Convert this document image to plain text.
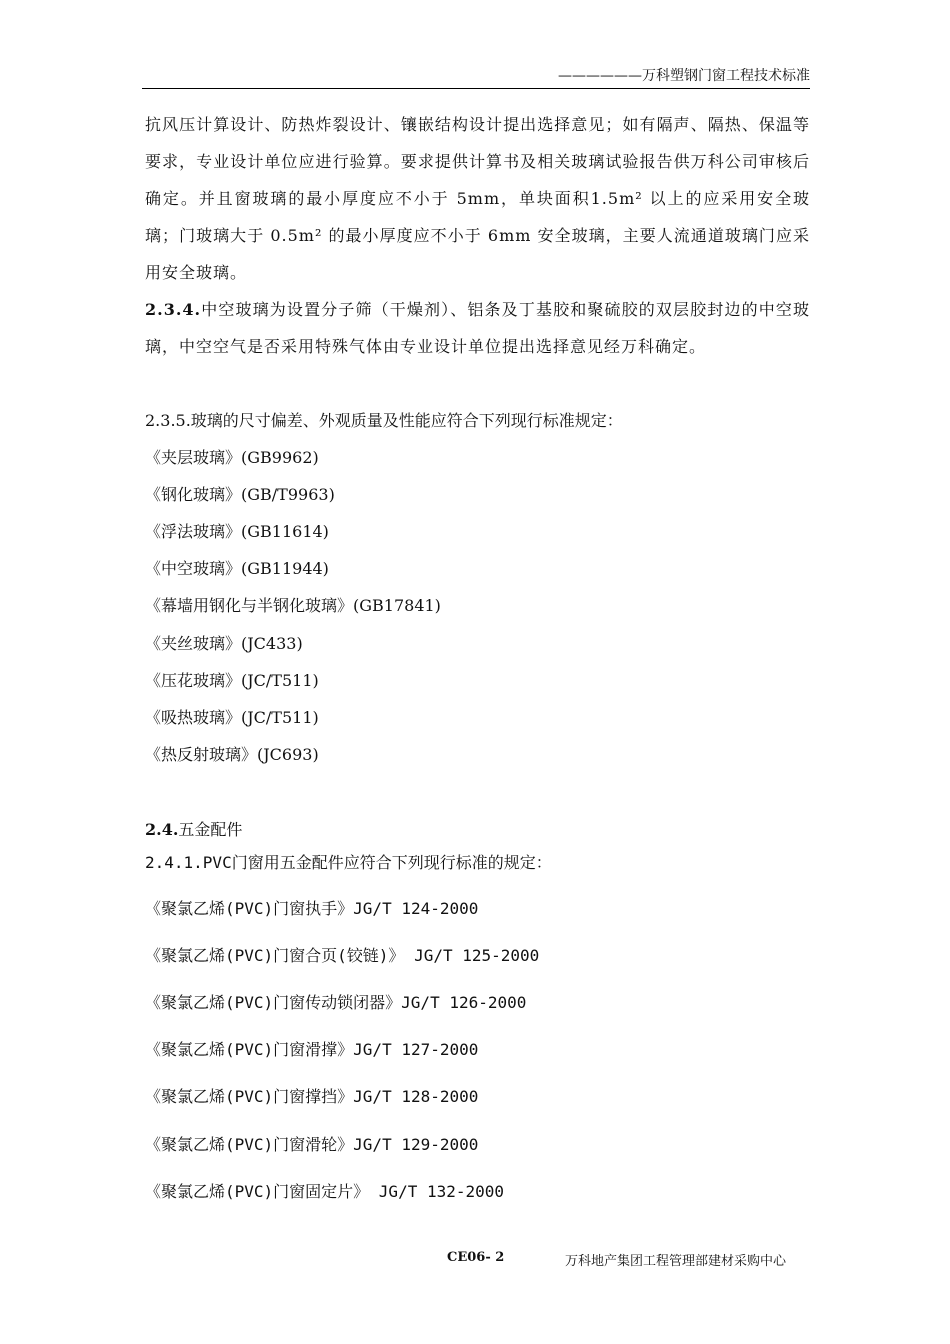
——————万科塑钢门窗工程技术标准

抗风压计算设计、防热炸裂设计、镶嵌结构设计提出选择意见；如有隔声、隔热、保温等要求，专业设计单位应进行验算。要求提供计算书及相关玻璃试验报告供万科公司审核后确定。并且窗玻璃的最小厚度应不小于 5mm，单块面积1.5m² 以上的应采用安全玻璃；门玻璃大于 0.5m² 的最小厚度应不小于 6mm 安全玻璃，主要人流通道玻璃门应采用安全玻璃。

2.3.4.中空玻璃为设置分子筛（干燥剂）、铝条及丁基胶和聚硫胶的双层胶封边的中空玻璃，中空空气是否采用特殊气体由专业设计单位提出选择意见经万科确定。

2.3.5.玻璃的尺寸偏差、外观质量及性能应符合下列现行标准规定：
《夹层玻璃》(GB9962)
《钢化玻璃》(GB/T9963)
《浮法玻璃》(GB11614)
《中空玻璃》(GB11944)
《幕墙用钢化与半钢化玻璃》(GB17841)
《夹丝玻璃》(JC433)
《压花玻璃》(JC/T511)
《吸热玻璃》(JC/T511)
《热反射玻璃》(JC693)
2.4.五金配件
2.4.1.PVC门窗用五金配件应符合下列现行标准的规定：
《聚氯乙烯(PVC)门窗执手》JG/T 124-2000
《聚氯乙烯(PVC)门窗合页(铰链)》 JG/T 125-2000
《聚氯乙烯(PVC)门窗传动锁闭器》JG/T 126-2000
《聚氯乙烯(PVC)门窗滑撑》JG/T 127-2000
《聚氯乙烯(PVC)门窗撑挡》JG/T 128-2000
《聚氯乙烯(PVC)门窗滑轮》JG/T 129-2000
《聚氯乙烯(PVC)门窗固定片》 JG/T 132-2000
CE06- 2	万科地产集团工程管理部建材采购中心
